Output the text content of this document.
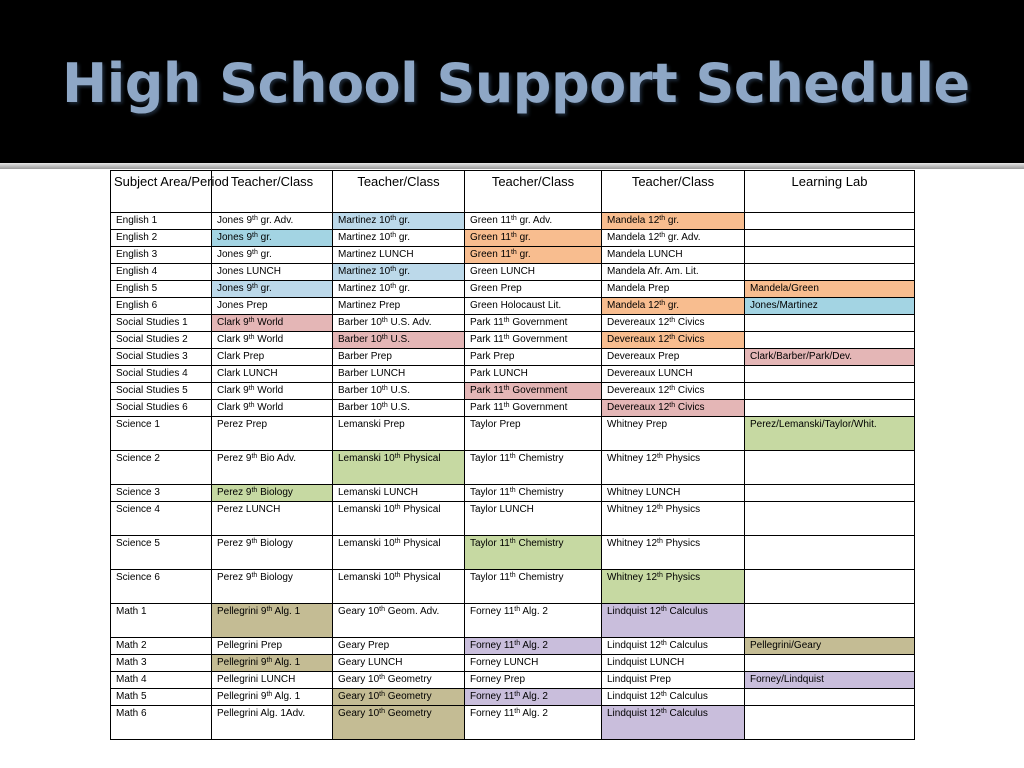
High School Support Schedule
Subject Area/Period	Teacher/Class	Teacher/Class	Teacher/Class	Teacher/Class	Learning Lab
English 1	Jones 9th gr. Adv.	Martinez 10th gr.	Green 11th gr. Adv.	Mandela 12th gr.	
English 2	Jones 9th gr.	Martinez 10th gr.	Green 11th gr.	Mandela 12th gr. Adv.	
English 3	Jones 9th gr.	Martinez LUNCH	Green 11th gr.	Mandela LUNCH	
English 4	Jones LUNCH	Martinez 10th gr.	Green LUNCH	Mandela Afr. Am. Lit.	
English 5	Jones 9th gr.	Martinez 10th gr.	Green Prep	Mandela Prep	Mandela/Green
English 6	Jones Prep	Martinez Prep	Green Holocaust Lit.	Mandela 12th gr.	Jones/Martinez
Social Studies 1	Clark 9th World	Barber 10th U.S. Adv.	Park 11th Government	Devereaux 12th Civics	
Social Studies 2	Clark 9th World	Barber 10th U.S.	Park 11th Government	Devereaux 12th Civics	
Social Studies 3	Clark Prep	Barber Prep	Park Prep	Devereaux Prep	Clark/Barber/Park/Dev.
Social Studies 4	Clark LUNCH	Barber LUNCH	Park LUNCH	Devereaux LUNCH	
Social Studies 5	Clark 9th World	Barber 10th U.S.	Park 11th Government	Devereaux 12th Civics	
Social Studies 6	Clark 9th World	Barber 10th U.S.	Park 11th Government	Devereaux 12th Civics	
Science 1	Perez Prep	Lemanski Prep	Taylor Prep	Whitney Prep	Perez/Lemanski/Taylor/Whit.
Science 2	Perez 9th Bio Adv.	Lemanski 10th Physical	Taylor 11th Chemistry	Whitney 12th Physics	
Science 3	Perez 9th Biology	Lemanski LUNCH	Taylor 11th Chemistry	Whitney LUNCH	
Science 4	Perez LUNCH	Lemanski 10th Physical	Taylor LUNCH	Whitney 12th Physics	
Science 5	Perez 9th Biology	Lemanski 10th Physical	Taylor 11th Chemistry	Whitney 12th Physics	
Science 6	Perez 9th Biology	Lemanski 10th Physical	Taylor 11th Chemistry	Whitney 12th Physics	
Math 1	Pellegrini 9th Alg. 1	Geary 10th Geom. Adv.	Forney 11th Alg. 2	Lindquist 12th Calculus	
Math 2	Pellegrini Prep	Geary Prep	Forney 11th Alg. 2	Lindquist 12th Calculus	Pellegrini/Geary
Math 3	Pellegrini 9th Alg. 1	Geary LUNCH	Forney LUNCH	Lindquist LUNCH	
Math 4	Pellegrini LUNCH	Geary 10th Geometry	Forney Prep	Lindquist Prep	Forney/Lindquist
Math 5	Pellegrini 9th Alg. 1	Geary 10th Geometry	Forney 11th Alg. 2	Lindquist 12th Calculus	
Math 6	Pellegrini Alg. 1Adv.	Geary 10th Geometry	Forney 11th Alg. 2	Lindquist 12th Calculus	
